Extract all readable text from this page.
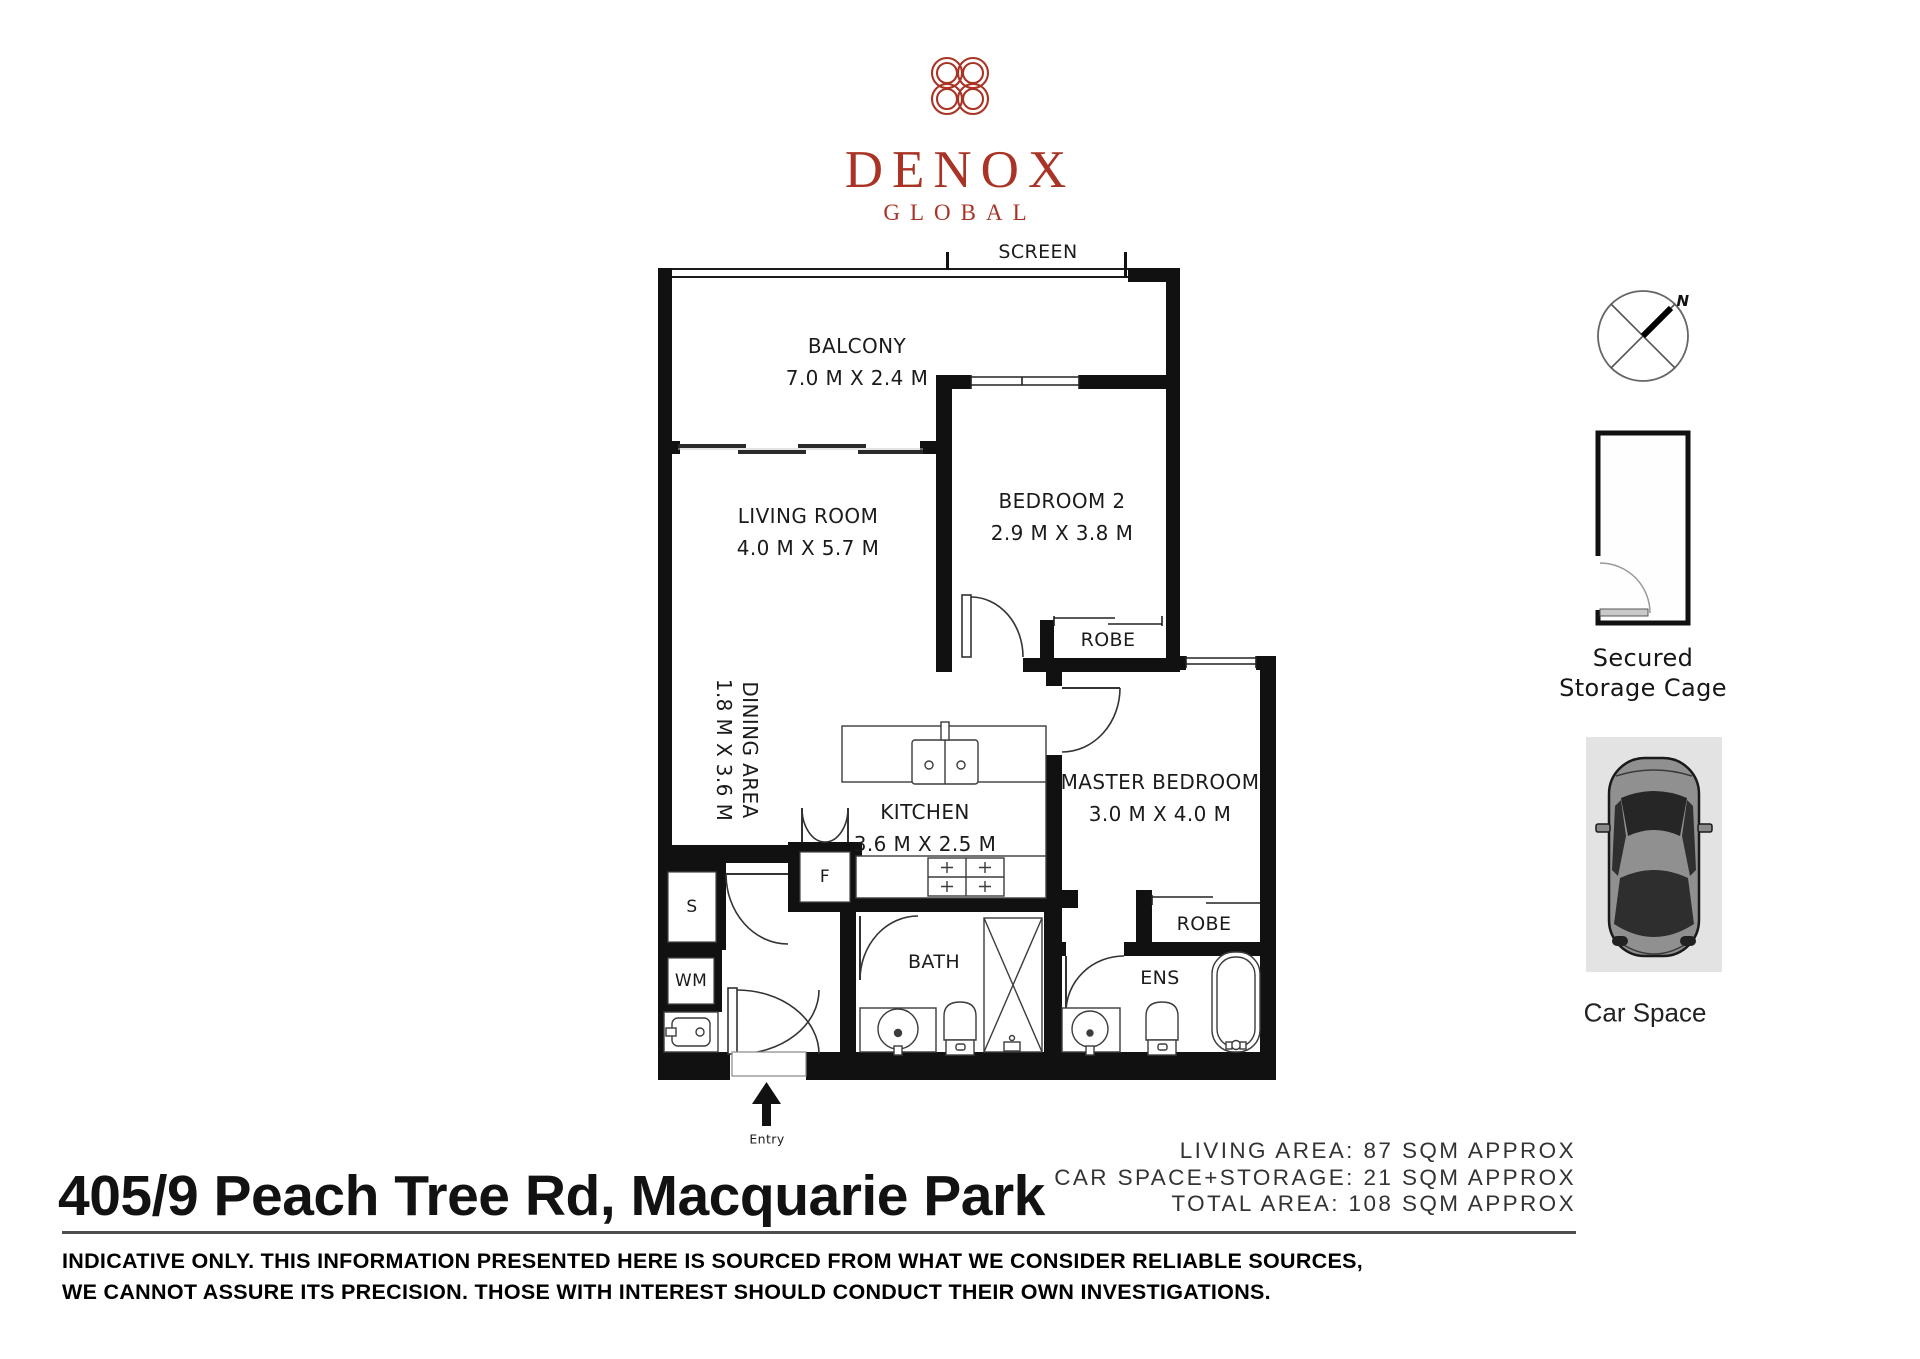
DENOX
GLOBAL
SCREEN
BALCONY
7.0 M X 2.4 M
LIVING ROOM
4.0 M X 5.7 M
BEDROOM 2
2.9 M X 3.8 M
ROBE
MASTER BEDROOM
3.0 M X 4.0 M
ROBE
KITCHEN
3.6 M X 2.5 M
DINING AREA
1.8 M X 3.6 M
BATH
ENS
S
WM
F
Entry
N
Secured
Storage Cage
Car Space
405/9 Peach Tree Rd, Macquarie Park
LIVING AREA: 87 SQM APPROX
CAR SPACE+STORAGE: 21 SQM APPROX
TOTAL AREA: 108 SQM APPROX
INDICATIVE ONLY. THIS INFORMATION PRESENTED HERE IS SOURCED FROM WHAT WE CONSIDER RELIABLE SOURCES,
WE CANNOT ASSURE ITS PRECISION. THOSE WITH INTEREST SHOULD CONDUCT THEIR OWN INVESTIGATIONS.
